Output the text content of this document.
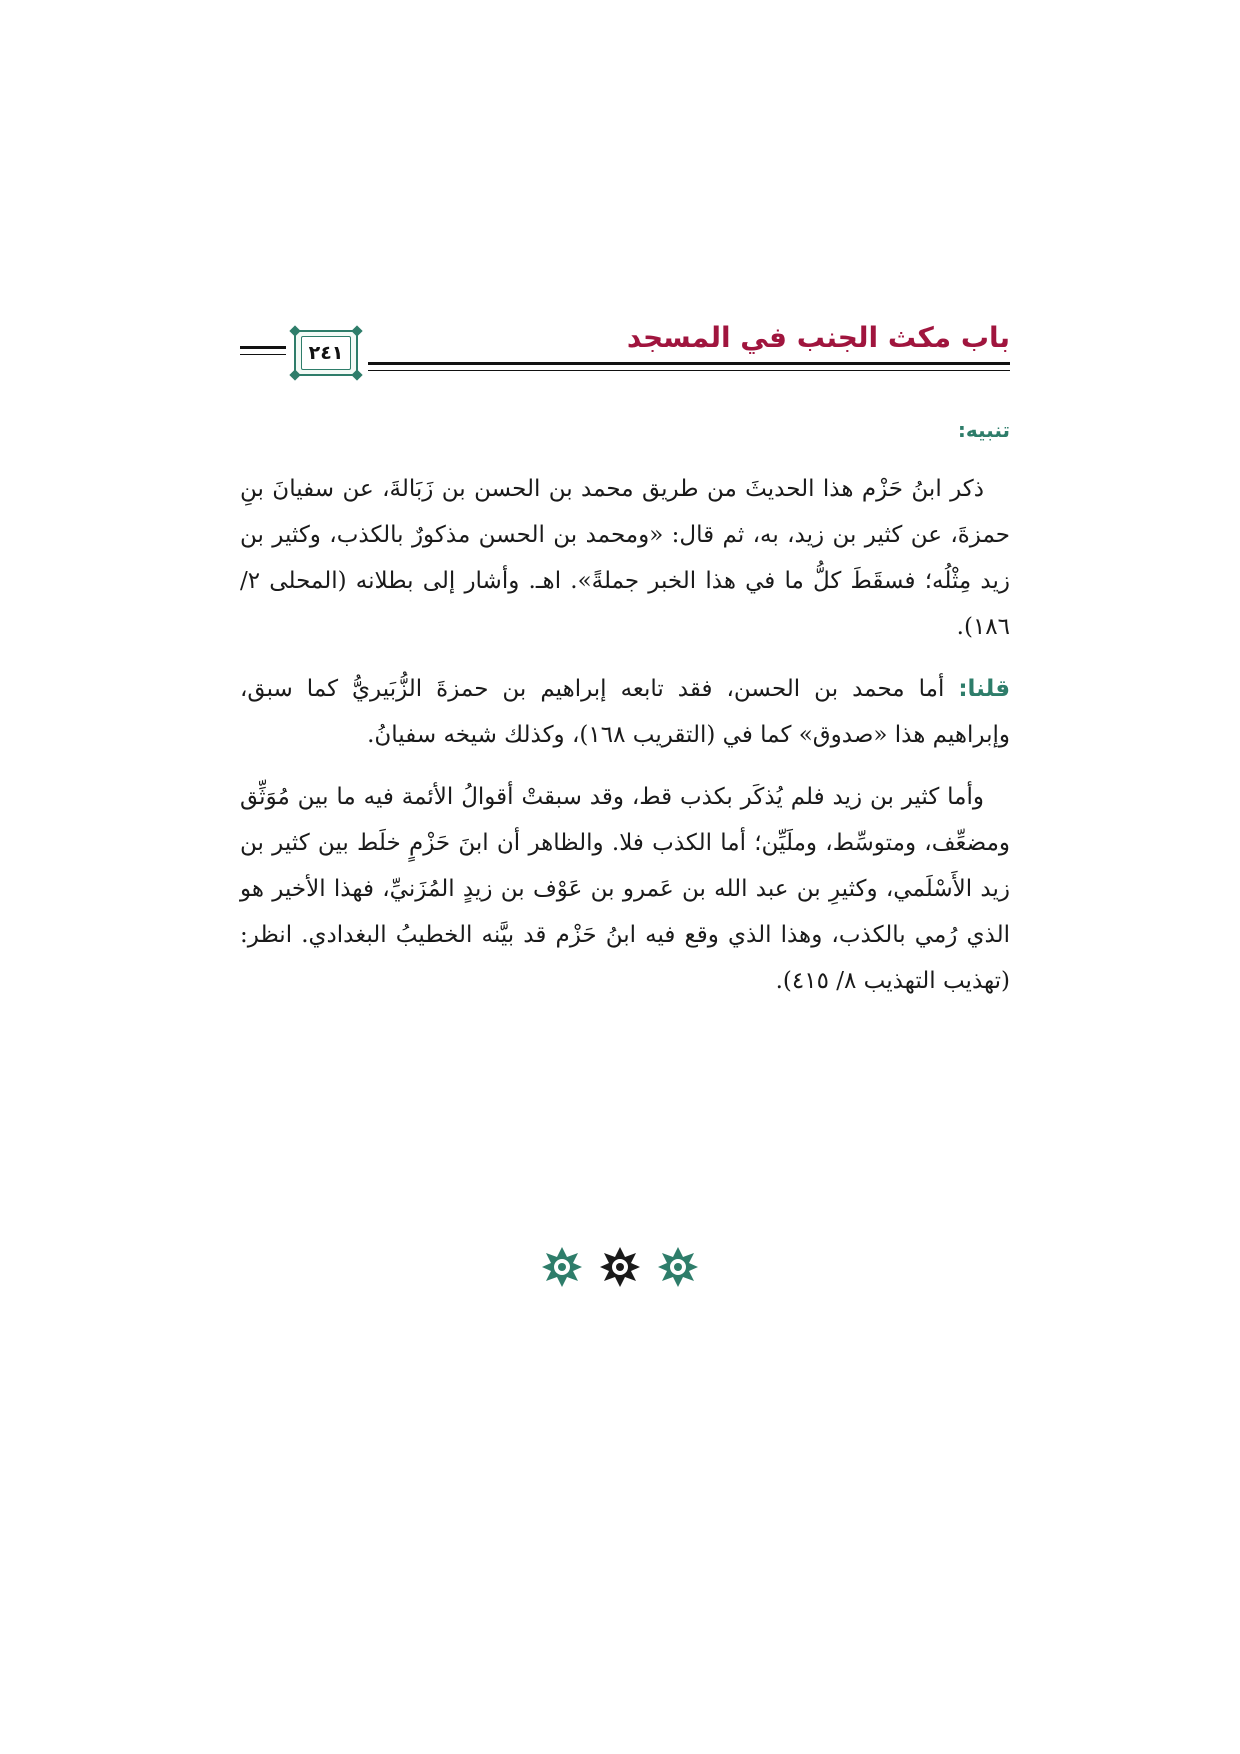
باب مكث الجنب في المسجد
٢٤١

تنبيه:

ذكر ابنُ حَزْم هذا الحديثَ من طريق محمد بن الحسن بن زَبَالةَ، عن سفيانَ بنِ حمزةَ، عن كثير بن زيد، به، ثم قال: «ومحمد بن الحسن مذكورٌ بالكذب، وكثير بن زيد مِثْلُه؛ فسقَطَ كلُّ ما في هذا الخبر جملةً». اهـ. وأشار إلى بطلانه (المحلى ٢/ ١٨٦).

قلنا: أما محمد بن الحسن، فقد تابعه إبراهيم بن حمزةَ الزُّبَيريُّ كما سبق، وإبراهيم هذا «صدوق» كما في (التقريب ١٦٨)، وكذلك شيخه سفيانُ.

وأما كثير بن زيد فلم يُذكَر بكذب قط، وقد سبقتْ أقوالُ الأئمة فيه ما بين مُوَثِّق ومضعِّف، ومتوسِّط، وملَيِّن؛ أما الكذب فلا. والظاهر أن ابنَ حَزْمٍ خلَط بين كثير بن زيد الأَسْلَمي، وكثيرِ بن عبد الله بن عَمرو بن عَوْف بن زيدٍ المُزَنيِّ، فهذا الأخير هو الذي رُمي بالكذب، وهذا الذي وقع فيه ابنُ حَزْم قد بيَّنه الخطيبُ البغدادي. انظر: (تهذيب التهذيب ٨/ ٤١٥).
